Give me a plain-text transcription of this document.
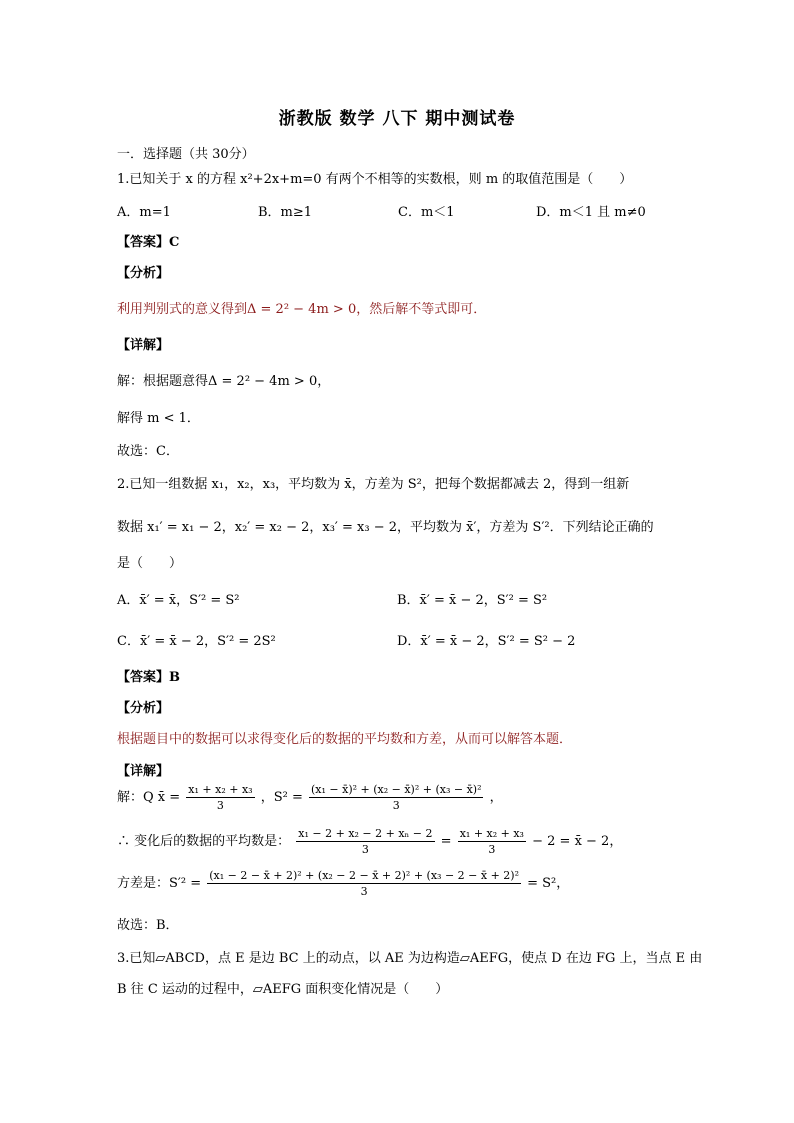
浙教版 数学 八下 期中测试卷
一．选择题（共 30分）
1.已知关于 x 的方程 x²+2x+m=0 有两个不相等的实数根，则 m 的取值范围是（　　）
A．m=1	B．m≥1	C．m＜1	D．m＜1 且 m≠0
【答案】C
【分析】
利用判别式的意义得到Δ = 2² − 4m > 0，然后解不等式即可．
【详解】
解：根据题意得Δ = 2² − 4m > 0，
解得 m < 1．
故选：C．
2.已知一组数据 x₁，x₂，x₃，平均数为 x̄，方差为 S²，把每个数据都减去 2，得到一组新
数据 x₁′ = x₁ − 2，x₂′ = x₂ − 2，x₃′ = x₃ − 2，平均数为 x̄′，方差为 S′²．下列结论正确的
是（　　）
A．x̄′ = x̄，S′² = S²	B．x̄′ = x̄ − 2，S′² = S²
C．x̄′ = x̄ − 2，S′² = 2S²	D．x̄′ = x̄ − 2，S′² = S² − 2
【答案】B
【分析】
根据题目中的数据可以求得变化后的数据的平均数和方差，从而可以解答本题．
【详解】
解：Q x̄ = $\frac{\text{x₁ + x₂ + x₃}}{3}$ ，$S^2 = \frac{\text{(x₁ − x̄)² + (x₂ − x̄)² + (x₃ − x̄)²}}{3}$ ，
∴ 变化后的数据的平均数是： $\frac{\text{x₁ − 2 + x₂ − 2 + xₙ − 2}}{3} = \frac{\text{x₁ + x₂ + x₃}}{3} - 2$ = x̄ − 2，
方差是：$S'^2 = \frac{\text{(x₁ − 2 − x̄ + 2)² + (x₂ − 2 − x̄ + 2)² + (x₃ − 2 − x̄ + 2)²}}{3} = S^2$，
故选：B．
3.已知▱ABCD，点 E 是边 BC 上的动点，以 AE 为边构造▱AEFG，使点 D 在边 FG 上，当点 E 由
B 往 C 运动的过程中，▱AEFG 面积变化情况是（　　）
